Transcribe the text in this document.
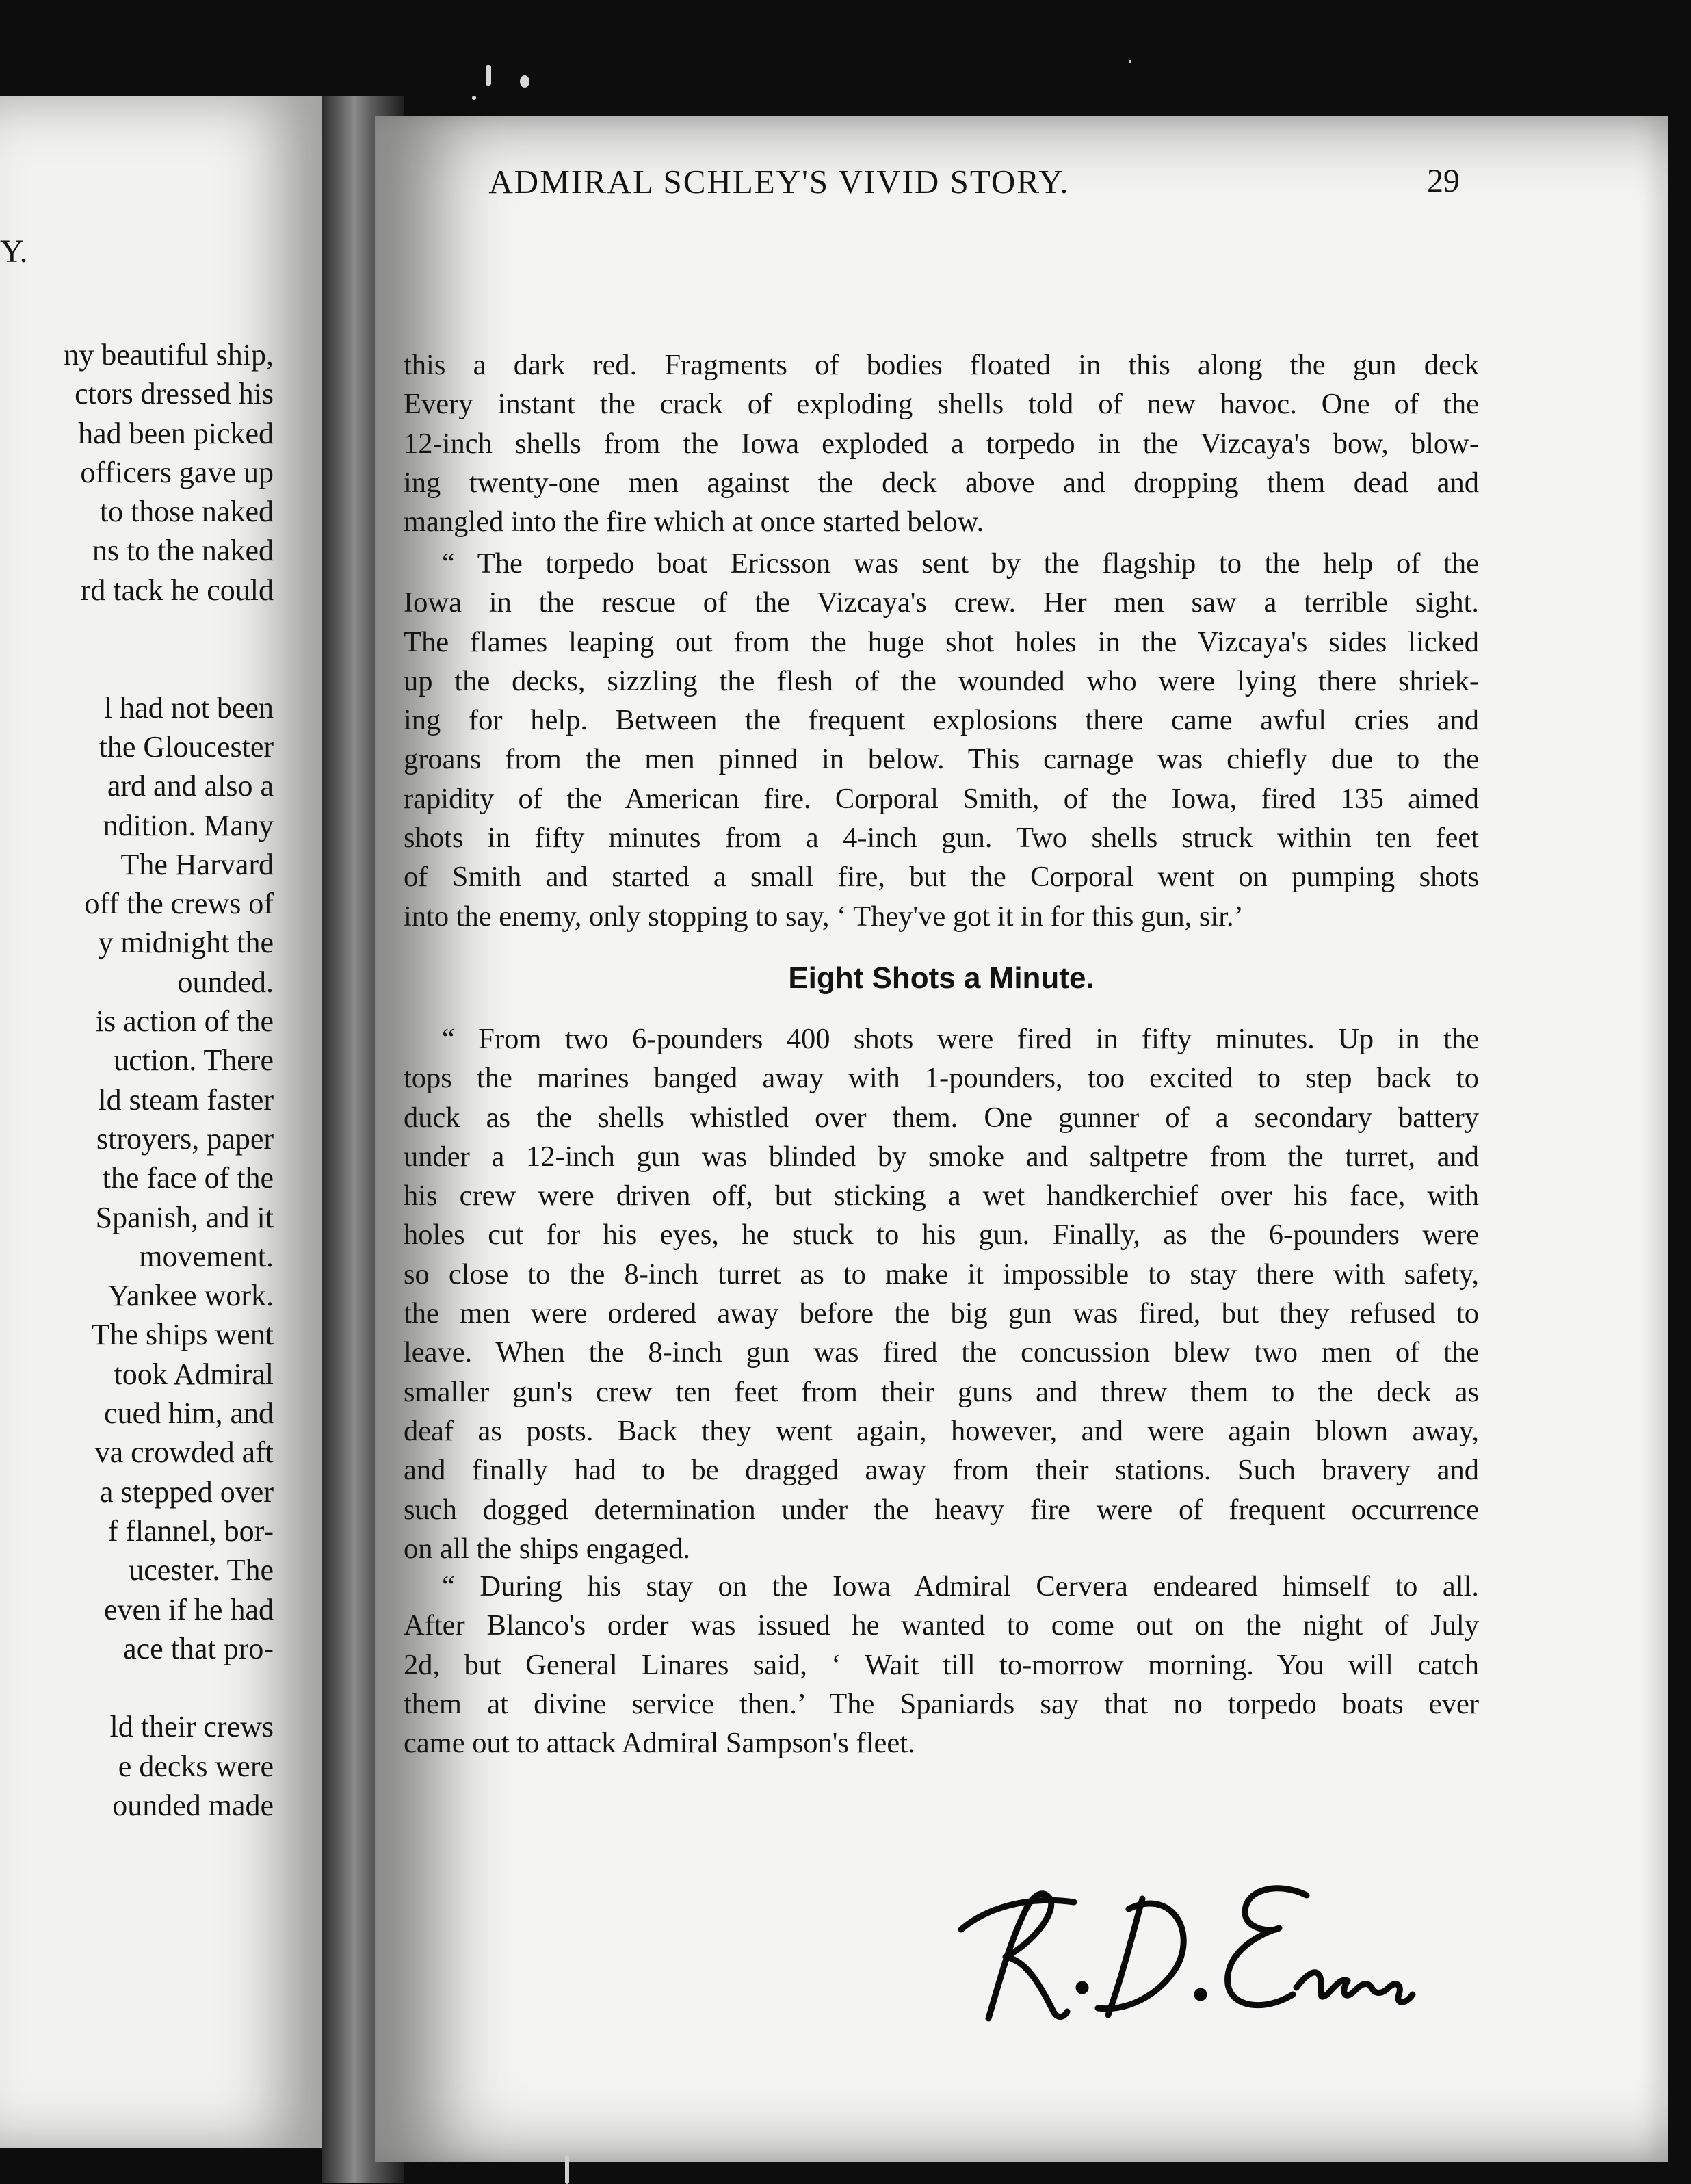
Y.
ny beautiful ship,
ctors dressed his
had been picked
officers gave up
to those naked
ns to the naked
rd tack he could
l had not been
the Gloucester
ard and also a
ndition. Many
The Harvard
off the crews of
y midnight the
ounded.
is action of the
uction. There
ld steam faster
stroyers, paper
the face of the
Spanish, and it
movement.
Yankee work.
The ships went
took Admiral
cued him, and
va crowded aft
a stepped over
f flannel, bor-
ucester. The
even if he had
ace that pro-
ld their crews
e decks were
ounded made
ADMIRAL SCHLEY'S VIVID STORY.	29
this a dark red. Fragments of bodies floated in this along the gun deck
Every instant the crack of exploding shells told of new havoc. One of the
12-inch shells from the Iowa exploded a torpedo in the Vizcaya's bow, blow-
ing twenty-one men against the deck above and dropping them dead and
mangled into the fire which at once started below.
“ The torpedo boat Ericsson was sent by the flagship to the help of the
Iowa in the rescue of the Vizcaya's crew. Her men saw a terrible sight.
The flames leaping out from the huge shot holes in the Vizcaya's sides licked
up the decks, sizzling the flesh of the wounded who were lying there shriek-
ing for help. Between the frequent explosions there came awful cries and
groans from the men pinned in below. This carnage was chiefly due to the
rapidity of the American fire. Corporal Smith, of the Iowa, fired 135 aimed
shots in fifty minutes from a 4-inch gun. Two shells struck within ten feet
of Smith and started a small fire, but the Corporal went on pumping shots
into the enemy, only stopping to say, ‘ They've got it in for this gun, sir.’
Eight Shots a Minute.
“ From two 6-pounders 400 shots were fired in fifty minutes. Up in the
tops the marines banged away with 1-pounders, too excited to step back to
duck as the shells whistled over them. One gunner of a secondary battery
under a 12-inch gun was blinded by smoke and saltpetre from the turret, and
his crew were driven off, but sticking a wet handkerchief over his face, with
holes cut for his eyes, he stuck to his gun. Finally, as the 6-pounders were
so close to the 8-inch turret as to make it impossible to stay there with safety,
the men were ordered away before the big gun was fired, but they refused to
leave. When the 8-inch gun was fired the concussion blew two men of the
smaller gun's crew ten feet from their guns and threw them to the deck as
deaf as posts. Back they went again, however, and were again blown away,
and finally had to be dragged away from their stations. Such bravery and
such dogged determination under the heavy fire were of frequent occurrence
on all the ships engaged.
“ During his stay on the Iowa Admiral Cervera endeared himself to all.
After Blanco's order was issued he wanted to come out on the night of July
2d, but General Linares said, ‘ Wait till to-morrow morning. You will catch
them at divine service then.’ The Spaniards say that no torpedo boats ever
came out to attack Admiral Sampson's fleet.
